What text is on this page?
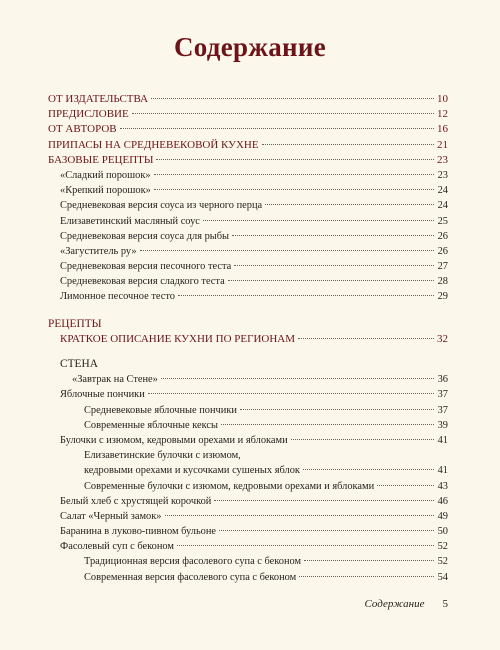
Содержание
ОТ ИЗДАТЕЛЬСТВА	10
ПРЕДИСЛОВИЕ	12
ОТ АВТОРОВ	16
ПРИПАСЫ НА СРЕДНЕВЕКОВОЙ КУХНЕ	21
БАЗОВЫЕ РЕЦЕПТЫ	23
«Сладкий порошок»	23
«Крепкий порошок»	24
Средневековая версия соуса из черного перца	24
Елизаветинский масляный соус	25
Средневековая версия соуса для рыбы	26
«Загуститель ру»	26
Средневековая версия песочного теста	27
Средневековая версия сладкого теста	28
Лимонное песочное тесто	29
РЕЦЕПТЫ
КРАТКОЕ ОПИСАНИЕ КУХНИ ПО РЕГИОНАМ	32
СТЕНА
«Завтрак на Стене»	36
Яблочные пончики	37
Средневековые яблочные пончики	37
Современные яблочные кексы	39
Булочки с изюмом, кедровыми орехами и яблоками	41
Елизаветинские булочки с изюмом,
кедровыми орехами и кусочками сушеных яблок	41
Современные булочки с изюмом, кедровыми орехами и яблоками	43
Белый хлеб с хрустящей корочкой	46
Салат «Черный замок»	49
Баранина в луково-пивном бульоне	50
Фасолевый суп с беконом	52
Традиционная версия фасолевого супа с беконом	52
Современная версия фасолевого супа с беконом	54
Содержание 5
